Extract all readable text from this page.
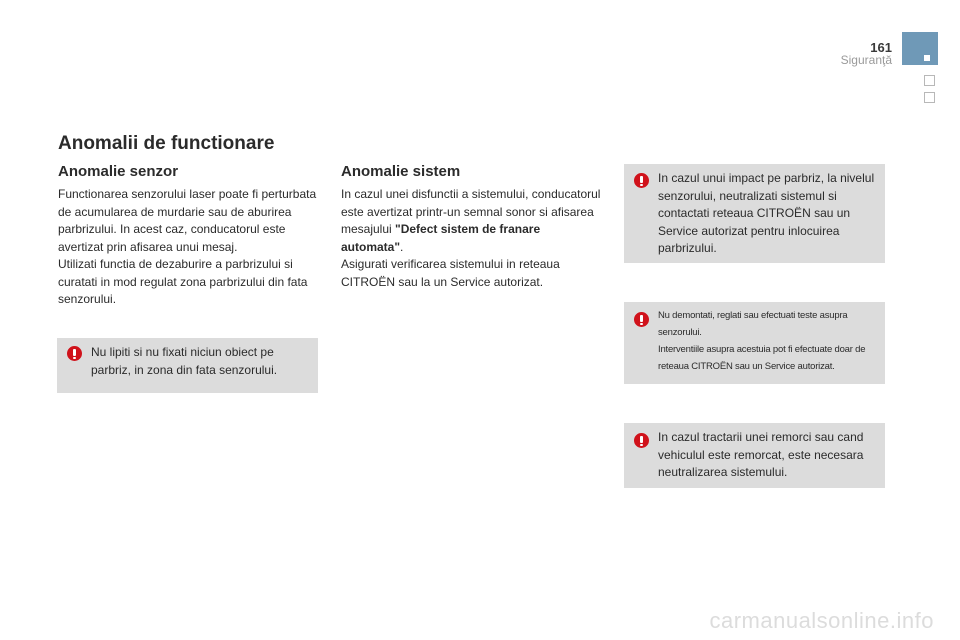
161
Siguranţă
Anomalii de functionare
Anomalie senzor

Functionarea senzorului laser poate fi perturbata de acumularea de murdarie sau de aburirea parbrizului. In acest caz, conducatorul este avertizat prin afisarea unui mesaj.

Utilizati functia de dezaburire a parbrizului si curatati in mod regulat zona parbrizului din fata senzorului.

Nu lipiti si nu fixati niciun obiect pe parbriz, in zona din fata senzorului.
Anomalie sistem

In cazul unei disfunctii a sistemului, conducatorul este avertizat printr-un semnal sonor si afisarea mesajului "Defect sistem de franare automata".

Asigurati verificarea sistemului in reteaua CITROËN sau la un Service autorizat.

In cazul unui impact pe parbriz, la nivelul senzorului, neutralizati sistemul si contactati reteaua CITROËN sau un Service autorizat pentru inlocuirea parbrizului.

Nu demontati, reglati sau efectuati teste asupra senzorului.

Interventiile asupra acestuia pot fi efectuate doar de reteaua CITROËN sau un Service autorizat.

In cazul tractarii unei remorci sau cand vehiculul este remorcat, este necesara neutralizarea sistemului.
carmanualsonline.info
